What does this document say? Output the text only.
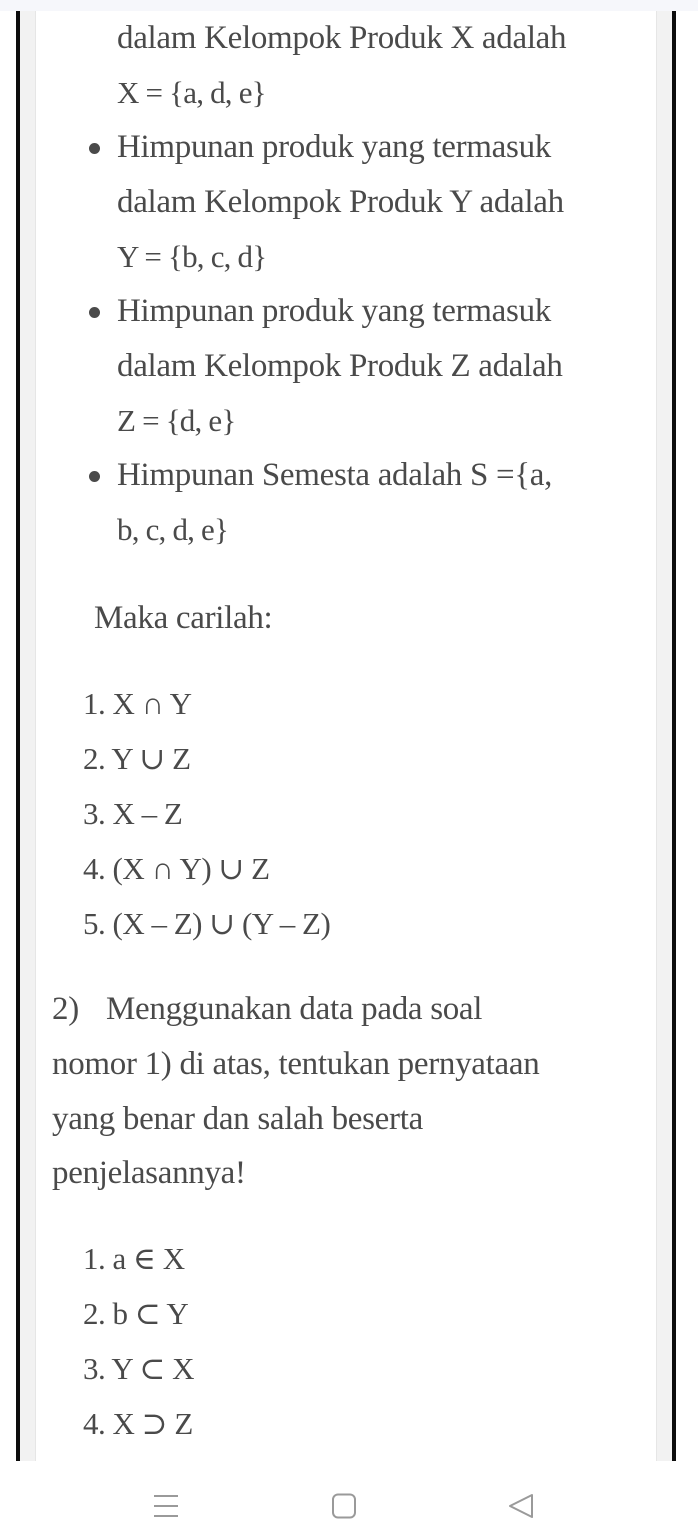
dalam Kelompok Produk X adalah
X = {a, d, e}
Himpunan produk yang termasuk
dalam Kelompok Produk Y adalah
Y = {b, c, d}
Himpunan produk yang termasuk
dalam Kelompok Produk Z adalah
Z = {d, e}
Himpunan Semesta adalah S ={a,
b, c, d, e}
Maka carilah:
1. X ∩ Y
2. Y ∪ Z
3. X – Z
4. (X ∩ Y) ∪ Z
5. (X – Z) ∪ (Y – Z)
2) Menggunakan data pada soal
nomor 1) di atas, tentukan pernyataan
yang benar dan salah beserta
penjelasannya!
1. a ∈ X
2. b ⊂ Y
3. Y ⊂ X
4. X ⊃ Z
